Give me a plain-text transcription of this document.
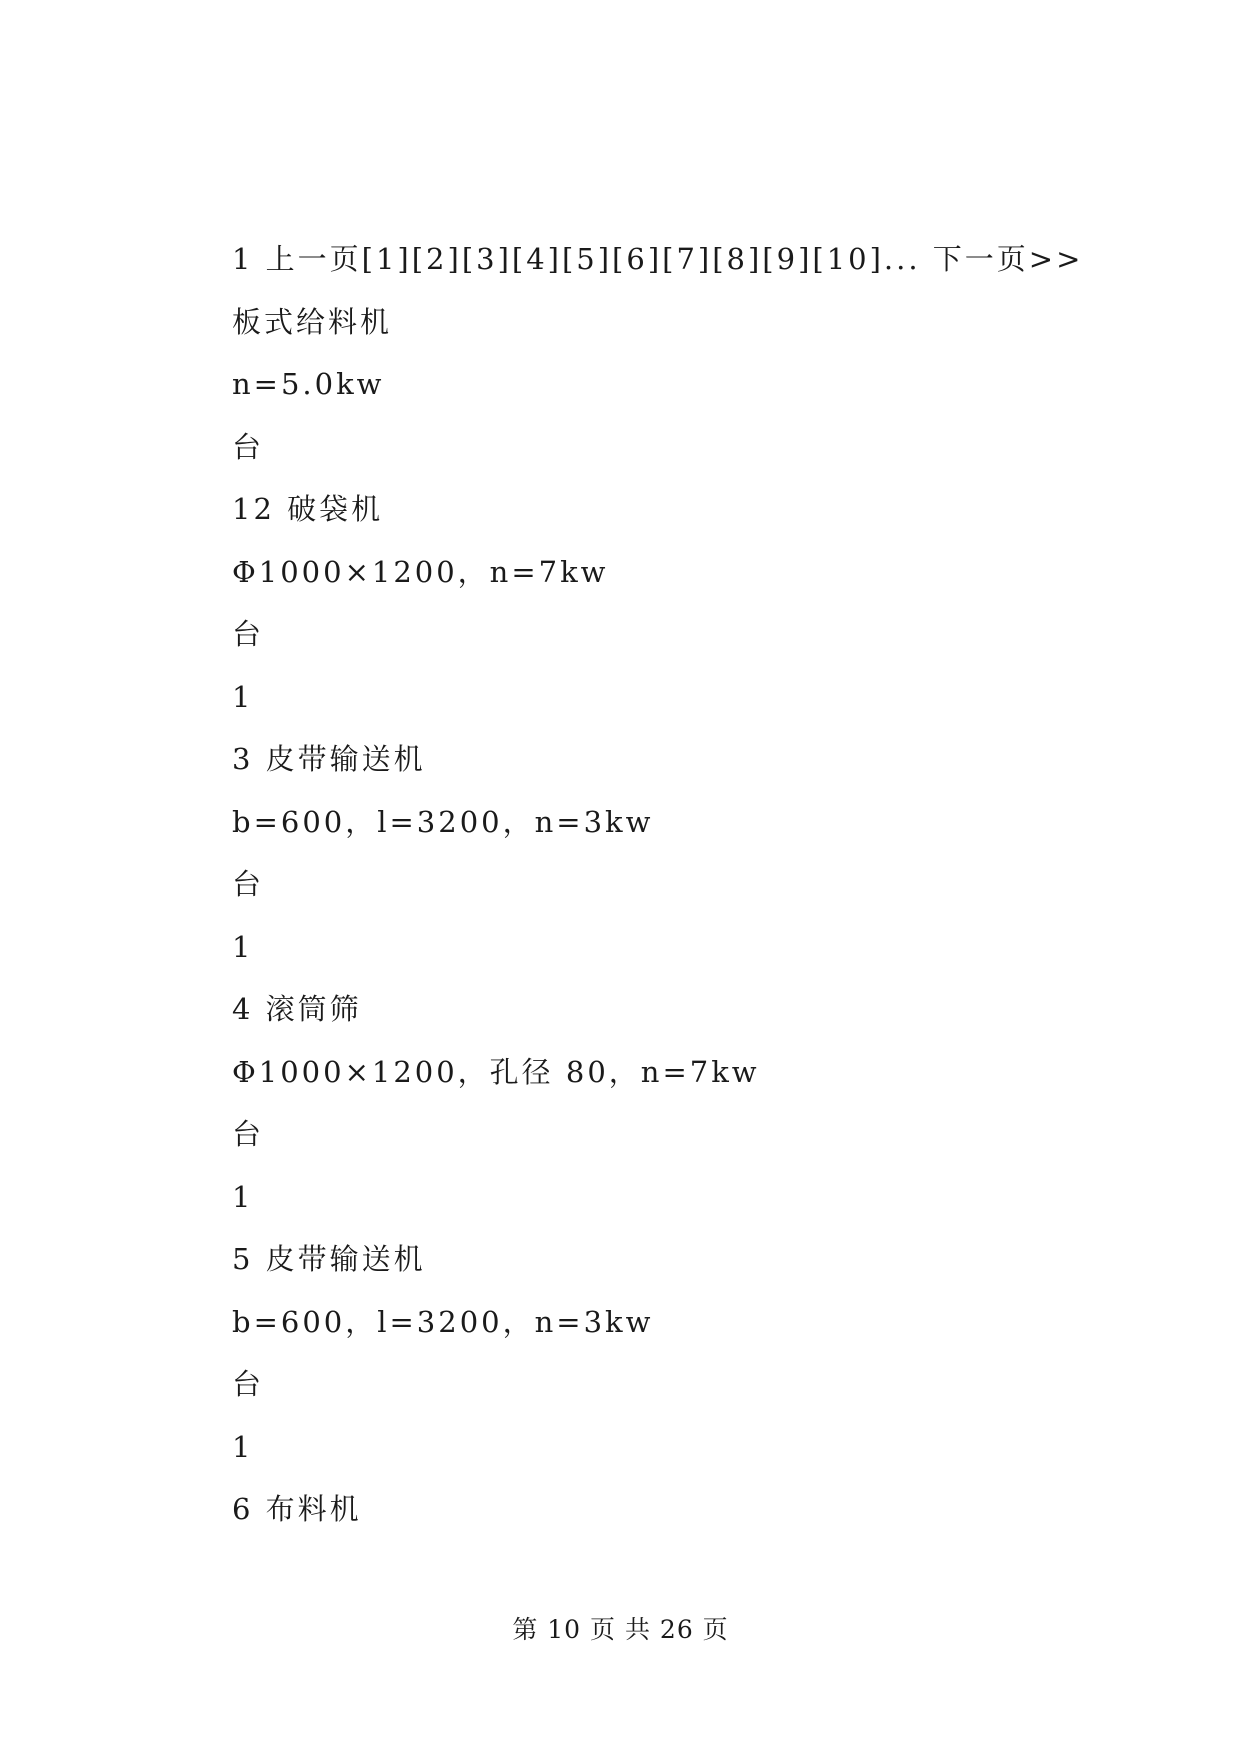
1 上一页[1][2][3][4][5][6][7][8][9][10]... 下一页>>
板式给料机
n=5.0kw
台
12 破袋机
Φ1000×1200，n=7kw
台
1
3 皮带输送机
b=600，l=3200，n=3kw
台
1
4 滚筒筛
Φ1000×1200，孔径 80，n=7kw
台
1
5 皮带输送机
b=600，l=3200，n=3kw
台
1
6 布料机
第 10 页 共 26 页
